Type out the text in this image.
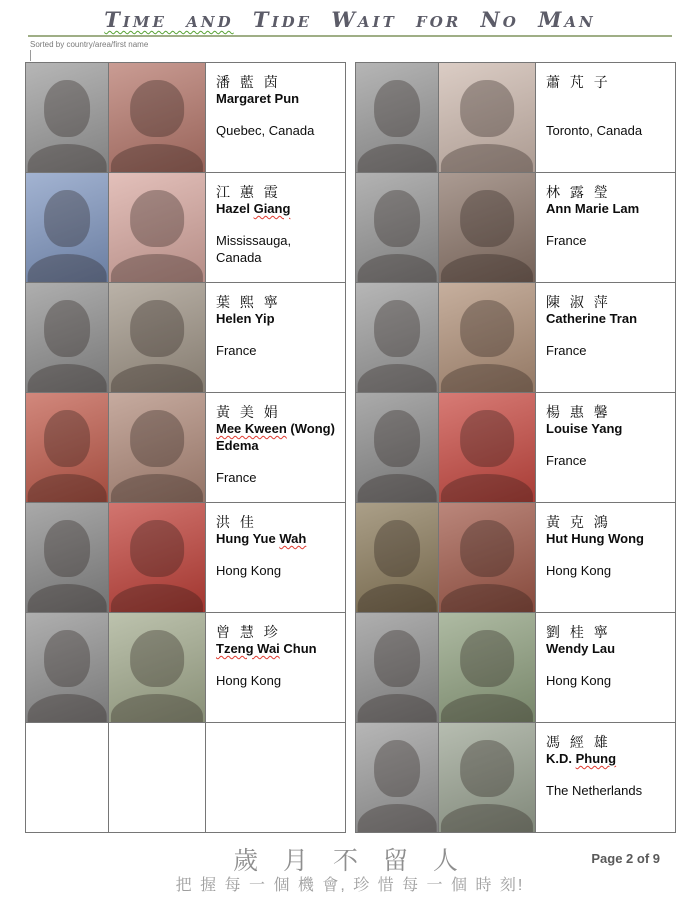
Time and Tide Wait for No Man
Sorted by country/area/first name
潘 藍 茵
Margaret Pun
Quebec, Canada
江 蕙 霞
Hazel Giang
Mississauga, Canada
葉 熙 寧
Helen Yip
France
黃 美 娟
Mee Kween (Wong) Edema
France
洪 佳
Hung Yue Wah
Hong Kong
曾 慧 珍
Tzeng Wai Chun
Hong Kong
蕭 芃 子
Toronto, Canada
林 露 瑩
Ann Marie Lam
France
陳 淑 萍
Catherine Tran
France
楊 惠 馨
Louise Yang
France
黃 克 鴻
Hut Hung Wong
Hong Kong
劉 桂 寧
Wendy Lau
Hong Kong
馮 經 雄
K.D. Phung
The Netherlands
歲 月 不 留 人
把 握 每 一 個 機 會, 珍 惜 每 一 個 時 刻!
Page 2 of 9
